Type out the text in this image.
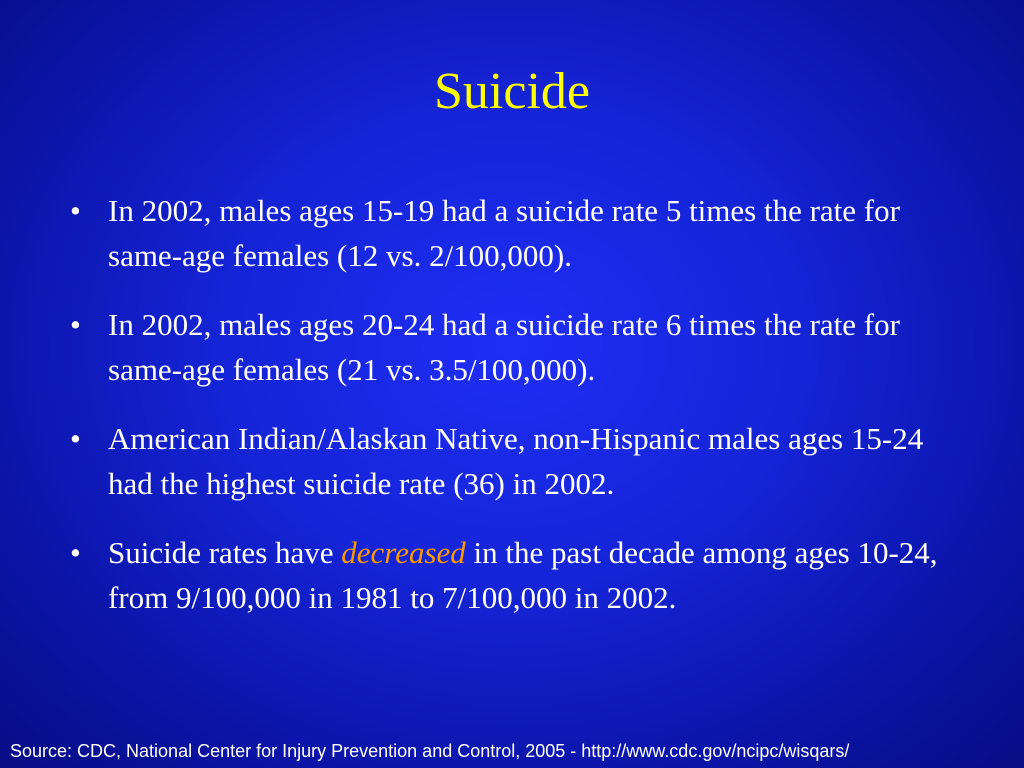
Suicide
• In 2002, males ages 15-19 had a suicide rate 5 times the rate for same-age females (12 vs. 2/100,000).
• In 2002, males ages 20-24 had a suicide rate 6 times the rate for same-age females (21 vs. 3.5/100,000).
• American Indian/Alaskan Native, non-Hispanic males ages 15-24 had the highest suicide rate (36) in 2002.
• Suicide rates have decreased in the past decade among ages 10-24, from 9/100,000 in 1981 to 7/100,000 in 2002.
Source: CDC, National Center for Injury Prevention and Control, 2005 - http://www.cdc.gov/ncipc/wisqars/
